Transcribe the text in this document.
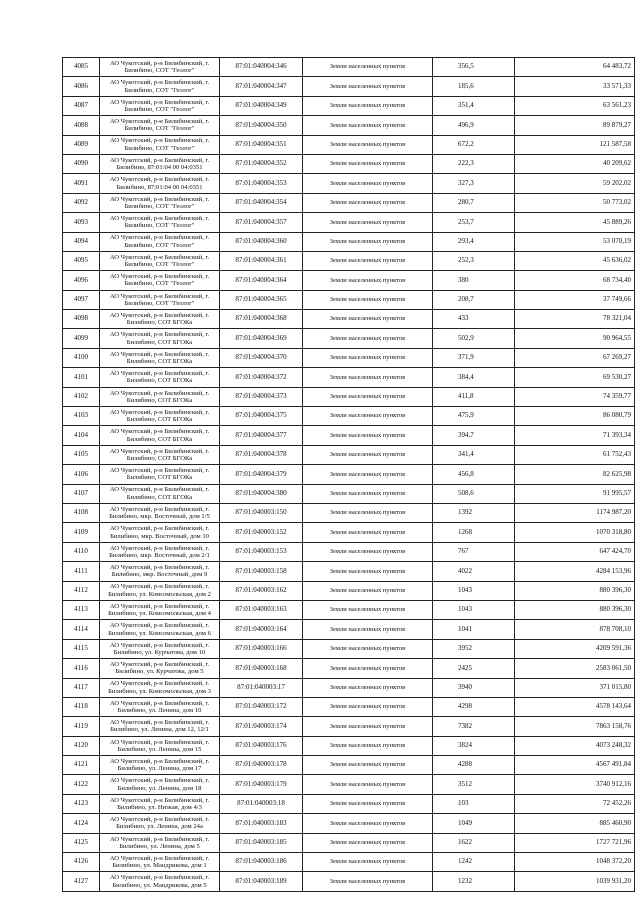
4085	АО Чукотский, р-н Билибинский, г.
Билибино, СОТ "Геолог"	87:01:040004:346	Земли населенных пунктов	356,5	64 483,72
4086	АО Чукотский, р-н Билибинский, г.
Билибино, СОТ "Геолог"	87:01:040004:347	Земли населенных пунктов	185,6	33 571,33
4087	АО Чукотский, р-н Билибинский, г.
Билибино, СОТ "Геолог"	87:01:040004:349	Земли населенных пунктов	351,4	63 561,23
4088	АО Чукотский, р-н Билибинский, г.
Билибино, СОТ "Геолог"	87:01:040004:350	Земли населенных пунктов	496,9	89 879,27
4089	АО Чукотский, р-н Билибинский, г.
Билибино, СОТ "Геолог"	87:01:040004:351	Земли населенных пунктов	672,2	121 587,58
4090	АО Чукотский, р-н Билибинский, г.
Билибино, 87:01:04 00 04:0351	87:01:040004:352	Земли населенных пунктов	222,3	40 209,62
4091	АО Чукотский, р-н Билибинский, г.
Билибино, 87:01:04 00 04:0351	87:01:040004:353	Земли населенных пунктов	327,3	59 202,02
4092	АО Чукотский, р-н Билибинский, г.
Билибино, СОТ "Геолог"	87:01:040004:354	Земли населенных пунктов	280,7	50 773,02
4093	АО Чукотский, р-н Билибинский, г.
Билибино, СОТ "Геолог"	87:01:040004:357	Земли населенных пунктов	253,7	45 889,26
4094	АО Чукотский, р-н Билибинский, г.
Билибино, СОТ "Геолог"	87:01:040004:360	Земли населенных пунктов	293,4	53 070,19
4095	АО Чукотский, р-н Билибинский, г.
Билибино, СОТ "Геолог"	87:01:040004:361	Земли населенных пунктов	252,3	45 636,02
4096	АО Чукотский, р-н Билибинский, г.
Билибино, СОТ "Геолог"	87:01:040004:364	Земли населенных пунктов	380	68 734,40
4097	АО Чукотский, р-н Билибинский, г.
Билибино, СОТ "Геолог"	87:01:040004:365	Земли населенных пунктов	208,7	37 749,66
4098	АО Чукотский, р-н Билибинский, г.
Билибино, СОТ БГОКа	87:01:040004:368	Земли населенных пунктов	433	78 321,04
4099	АО Чукотский, р-н Билибинский, г.
Билибино, СОТ БГОКа	87:01:040004:369	Земли населенных пунктов	502,9	90 964,55
4100	АО Чукотский, р-н Билибинский, г.
Билибино, СОТ БГОКа	87:01:040004:370	Земли населенных пунктов	371,9	67 269,27
4101	АО Чукотский, р-н Билибинский, г.
Билибино, СОТ БГОКа	87:01:040004:372	Земли населенных пунктов	384,4	69 530,27
4102	АО Чукотский, р-н Билибинский, г.
Билибино, СОТ БГОКа	87:01:040004:373	Земли населенных пунктов	411,8	74 359,77
4103	АО Чукотский, р-н Билибинский, г.
Билибино, СОТ БГОКа	87:01:040004:375	Земли населенных пунктов	475,9	86 080,79
4104	АО Чукотский, р-н Билибинский, г.
Билибино, СОТ БГОКа	87:01:040004:377	Земли населенных пунктов	394,7	71 393,34
4105	АО Чукотский, р-н Билибинский, г.
Билибино, СОТ БГОКа	87:01:040004:378	Земли населенных пунктов	341,4	61 752,43
4106	АО Чукотский, р-н Билибинский, г.
Билибино, СОТ БГОКа	87:01:040004:379	Земли населенных пунктов	456,8	82 625,98
4107	АО Чукотский, р-н Билибинский, г.
Билибино, СОТ БГОКа	87:01:040004:380	Земли населенных пунктов	508,6	91 995,57
4108	АО Чукотский, р-н Билибинский, г.
Билибино, мкр. Восточный, дом 1/5	87:01:040003:150	Земли населенных пунктов	1392	1174 987,20
4109	АО Чукотский, р-н Билибинский, г.
Билибино, мкр. Восточный, дом 10	87:01:040003:152	Земли населенных пунктов	1268	1070 318,80
4110	АО Чукотский, р-н Билибинский, г.
Билибино, мкр. Восточный, дом 2/1	87:01:040003:153	Земли населенных пунктов	767	647 424,70
4111	АО Чукотский, р-н Билибинский, г.
Билибино, мкр. Восточный, дом 9	87:01:040003:158	Земли населенных пунктов	4022	4284 153,96
4112	АО Чукотский, р-н Билибинский, г.
Билибино, ул. Комсомольская, дом 2	87:01:040003:162	Земли населенных пунктов	1043	880 396,30
4113	АО Чукотский, р-н Билибинский, г.
Билибино, ул. Комсомольская, дом 4	87:01:040003:163	Земли населенных пунктов	1043	880 396,30
4114	АО Чукотский, р-н Билибинский, г.
Билибино, ул. Комсомольская, дом 6	87:01:040003:164	Земли населенных пунктов	1041	878 708,10
4115	АО Чукотский, р-н Билибинский, г.
Билибино, ул. Курчатова, дом 10	87:01:040003:166	Земли населенных пунктов	3952	4209 591,36
4116	АО Чукотский, р-н Билибинский, г.
Билибино, ул. Курчатова, дом 5	87:01:040003:168	Земли населенных пунктов	2425	2583 061,50
4117	АО Чукотский, р-н Билибинский, г.
Билибино, ул. Комсомольская, дом 3	87:01:040003:17	Земли населенных пунктов	3940	371 015,80
4118	АО Чукотский, р-н Билибинский, г.
Билибино, ул. Ленина, дом 10	87:01:040003:172	Земли населенных пунктов	4298	4578 143,64
4119	АО Чукотский, р-н Билибинский, г.
Билибино, ул. Ленина, дом 12, 12/1	87:01:040003:174	Земли населенных пунктов	7382	7863 158,76
4120	АО Чукотский, р-н Билибинский, г.
Билибино, ул. Ленина, дом 15	87:01:040003:176	Земли населенных пунктов	3824	4073 248,32
4121	АО Чукотский, р-н Билибинский, г.
Билибино, ул. Ленина, дом 17	87:01:040003:178	Земли населенных пунктов	4288	4567 491,84
4122	АО Чукотский, р-н Билибинский, г.
Билибино, ул. Ленина, дом 18	87:01:040003:179	Земли населенных пунктов	3512	3740 912,16
4123	АО Чукотский, р-н Билибинский, г.
Билибино, ул. Низкая, дом 4/3	87:01:040003:18	Земли населенных пунктов	103	72 452,26
4124	АО Чукотский, р-н Билибинский, г.
Билибино, ул. Ленина, дом 24а	87:01:040003:183	Земли населенных пунктов	1049	885 460,90
4125	АО Чукотский, р-н Билибинский, г.
Билибино, ул. Ленина, дом 5	87:01:040003:185	Земли населенных пунктов	1622	1727 721,96
4126	АО Чукотский, р-н Билибинский, г.
Билибино, ул. Мандрикова, дом 1	87:01:040003:186	Земли населенных пунктов	1242	1048 372,20
4127	АО Чукотский, р-н Билибинский, г.
Билибино, ул. Мандрикова, дом 5	87:01:040003:189	Земли населенных пунктов	1232	1039 931,20
